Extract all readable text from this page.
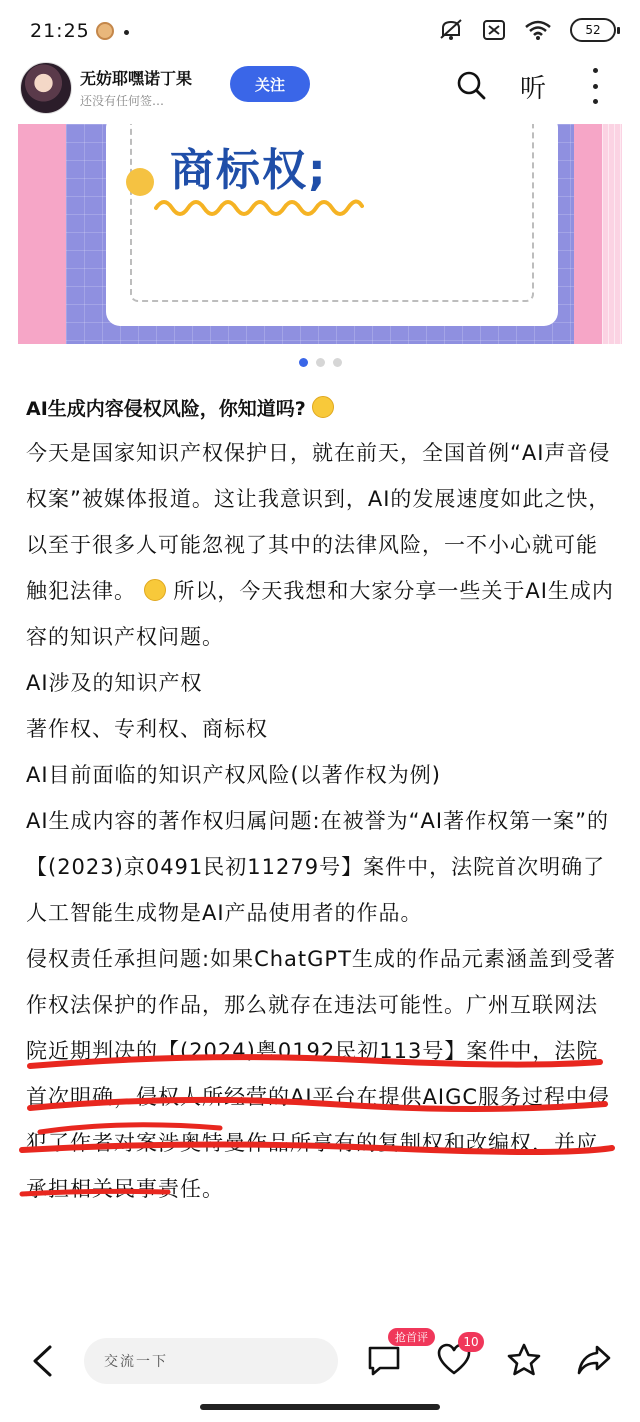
21:25	52
无妨耶嘿诺丁果
还没有任何签…
关注	听
商标权;
AI生成内容侵权风险，你知道吗?

今天是国家知识产权保护日，就在前天，全国首例“AI声音侵权案”被媒体报道。这让我意识到，AI的发展速度如此之快，以至于很多人可能忽视了其中的法律风险，一不小心就可能触犯法律。 所以，今天我想和大家分享一些关于AI生成内容的知识产权问题。

AI涉及的知识产权

著作权、专利权、商标权

AI目前面临的知识产权风险(以著作权为例)

AI生成内容的著作权归属问题:在被誉为“AI著作权第一案”的【(2023)京0491民初11279号】案件中，法院首次明确了人工智能生成物是AI产品使用者的作品。

侵权责任承担问题:如果ChatGPT生成的作品元素涵盖到受著作权法保护的作品，那么就存在违法可能性。广州互联网法院近期判决的【(2024)粤0192民初113号】案件中，法院首次明确，侵权人所经营的AI平台在提供AIGC服务过程中侵犯了作者对案涉奥特曼作品所享有的复制权和改编权，并应承担相关民事责任。

交流一下
抢首评	10
